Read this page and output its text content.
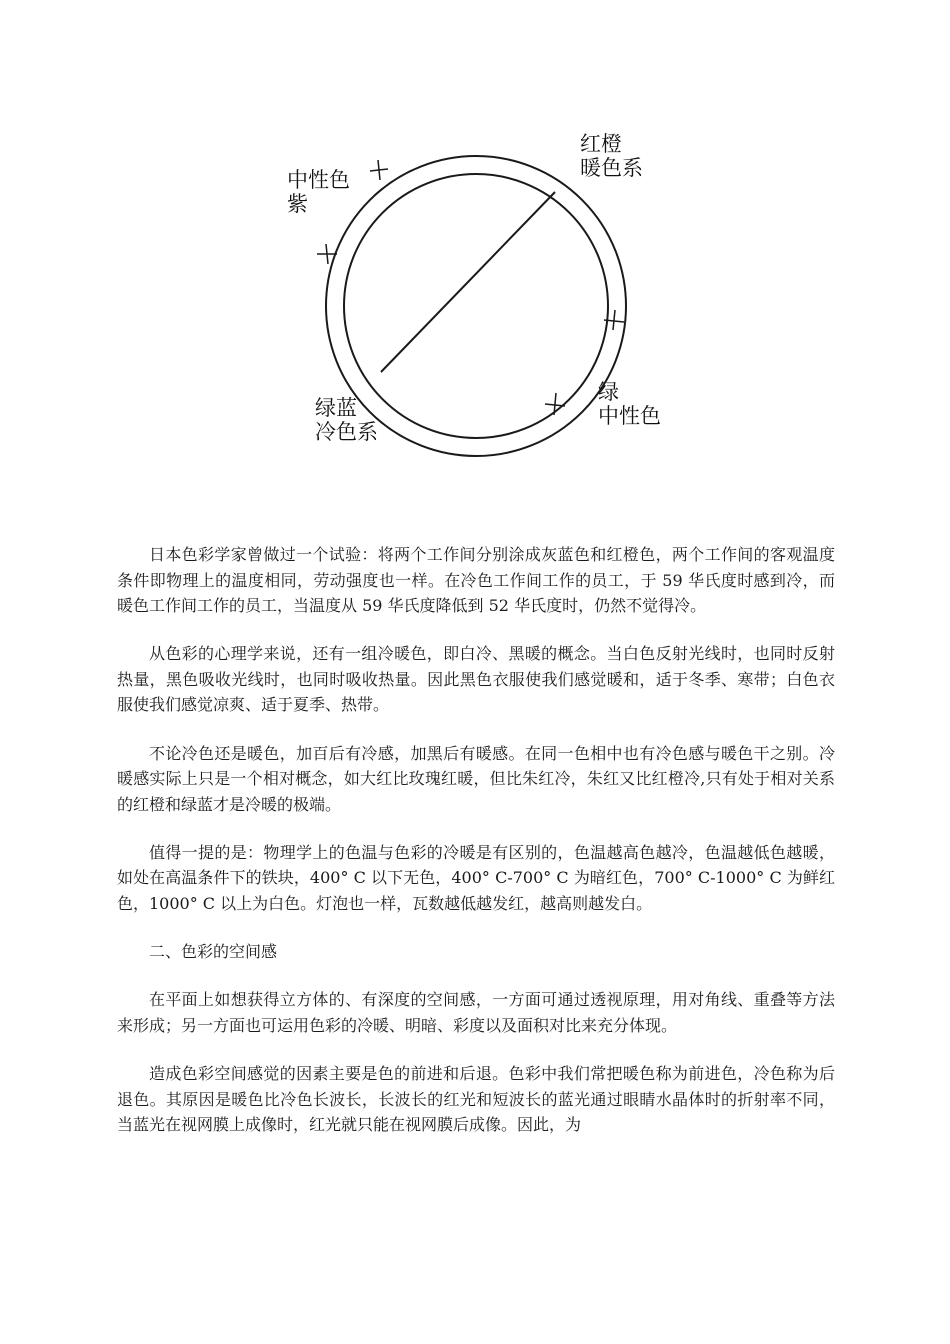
红橙
暖色系
中性色
紫
绿蓝
冷色系
绿
中性色

日本色彩学家曾做过一个试验：将两个工作间分别涂成灰蓝色和红橙色，两个工作间的客观温度条件即物理上的温度相同，劳动强度也一样。在冷色工作间工作的员工，于 59 华氏度时感到冷，而暖色工作间工作的员工，当温度从 59 华氏度降低到 52 华氏度时，仍然不觉得冷。

从色彩的心理学来说，还有一组冷暖色，即白冷、黑暖的概念。当白色反射光线时，也同时反射热量，黑色吸收光线时，也同时吸收热量。因此黑色衣服使我们感觉暖和，适于冬季、寒带；白色衣服使我们感觉凉爽、适于夏季、热带。

不论冷色还是暖色，加百后有冷感，加黑后有暖感。在同一色相中也有冷色感与暖色干之别。冷暖感实际上只是一个相对概念，如大红比玫瑰红暖，但比朱红冷，朱红又比红橙冷,只有处于相对关系的红橙和绿蓝才是冷暖的极端。

值得一提的是：物理学上的色温与色彩的冷暖是有区别的，色温越高色越冷，色温越低色越暖，如处在高温条件下的铁块，400° C 以下无色，400° C-700° C 为暗红色，700° C-1000° C 为鲜红色，1000° C 以上为白色。灯泡也一样，瓦数越低越发红，越高则越发白。

二、色彩的空间感

在平面上如想获得立方体的、有深度的空间感，一方面可通过透视原理，用对角线、重叠等方法来形成；另一方面也可运用色彩的冷暖、明暗、彩度以及面积对比来充分体现。

造成色彩空间感觉的因素主要是色的前进和后退。色彩中我们常把暖色称为前进色，冷色称为后退色。其原因是暖色比冷色长波长，长波长的红光和短波长的蓝光通过眼睛水晶体时的折射率不同，当蓝光在视网膜上成像时，红光就只能在视网膜后成像。因此，为
